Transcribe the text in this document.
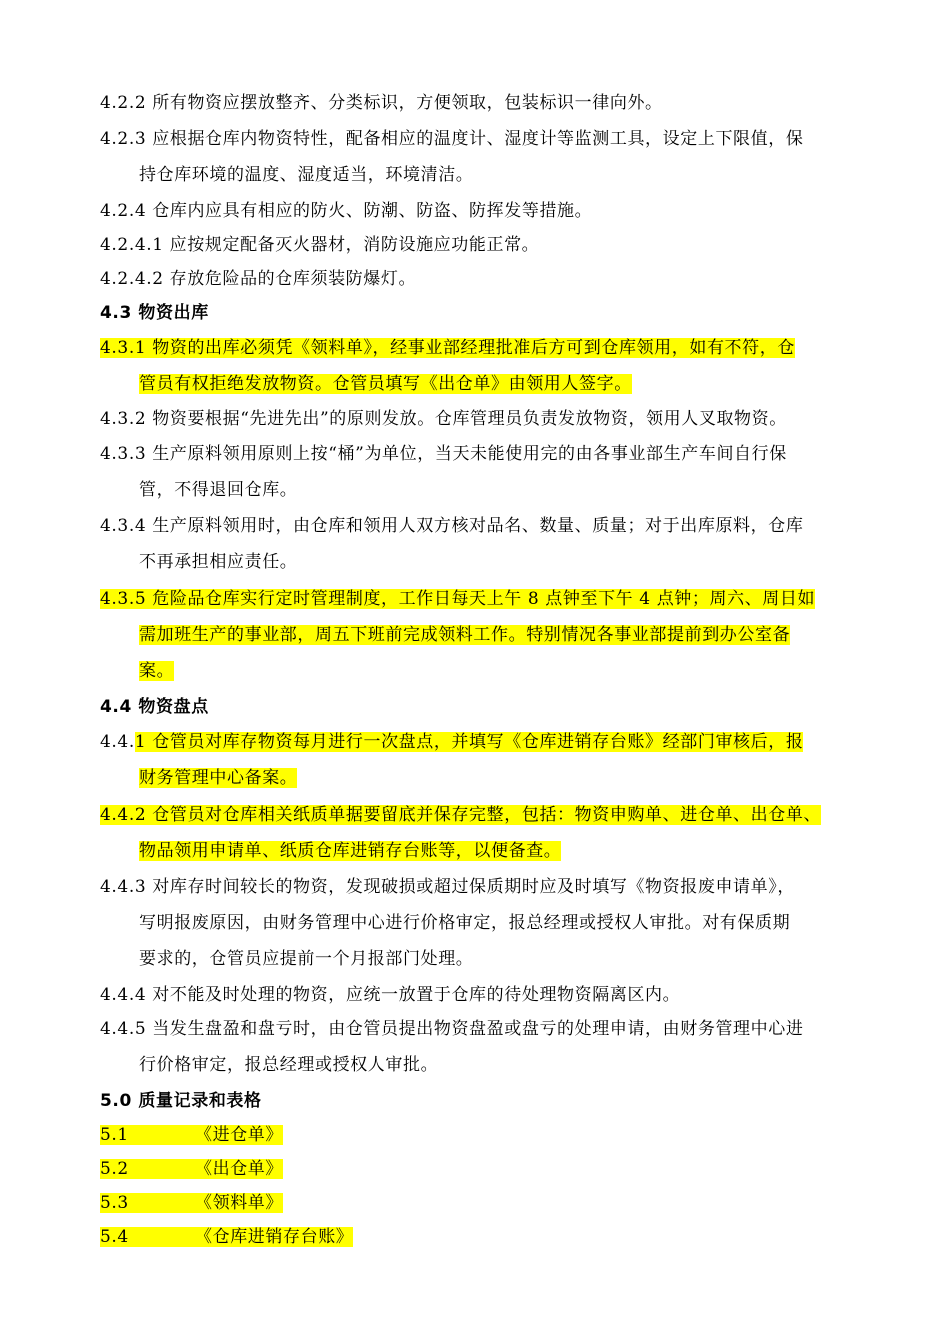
4.2.2 所有物资应摆放整齐、分类标识，方便领取，包装标识一律向外。
4.2.3 应根据仓库内物资特性，配备相应的温度计、湿度计等监测工具，设定上下限值，保
持仓库环境的温度、湿度适当，环境清洁。
4.2.4 仓库内应具有相应的防火、防潮、防盗、防挥发等措施。
4.2.4.1 应按规定配备灭火器材，消防设施应功能正常。
4.2.4.2 存放危险品的仓库须装防爆灯。
4.3 物资出库
4.3.1 物资的出库必须凭《领料单》，经事业部经理批准后方可到仓库领用，如有不符，仓
管员有权拒绝发放物资。仓管员填写《出仓单》由领用人签字。
4.3.2 物资要根据“先进先出”的原则发放。仓库管理员负责发放物资，领用人叉取物资。
4.3.3 生产原料领用原则上按“桶”为单位，当天未能使用完的由各事业部生产车间自行保
管，不得退回仓库。
4.3.4 生产原料领用时，由仓库和领用人双方核对品名、数量、质量；对于出库原料，仓库
不再承担相应责任。
4.3.5 危险品仓库实行定时管理制度，工作日每天上午 8 点钟至下午 4 点钟；周六、周日如
需加班生产的事业部，周五下班前完成领料工作。特别情况各事业部提前到办公室备
案。
4.4 物资盘点
4.4.1 仓管员对库存物资每月进行一次盘点，并填写《仓库进销存台账》经部门审核后，报
财务管理中心备案。
4.4.2 仓管员对仓库相关纸质单据要留底并保存完整，包括：物资申购单、进仓单、出仓单、
物品领用申请单、纸质仓库进销存台账等，以便备查。
4.4.3 对库存时间较长的物资，发现破损或超过保质期时应及时填写《物资报废申请单》，
写明报废原因，由财务管理中心进行价格审定，报总经理或授权人审批。对有保质期
要求的，仓管员应提前一个月报部门处理。
4.4.4 对不能及时处理的物资，应统一放置于仓库的待处理物资隔离区内。
4.4.5 当发生盘盈和盘亏时，由仓管员提出物资盘盈或盘亏的处理申请，由财务管理中心进
行价格审定，报总经理或授权人审批。
5.0 质量记录和表格
5.1	《进仓单》
5.2	《出仓单》
5.3	《领料单》
5.4	《仓库进销存台账》
